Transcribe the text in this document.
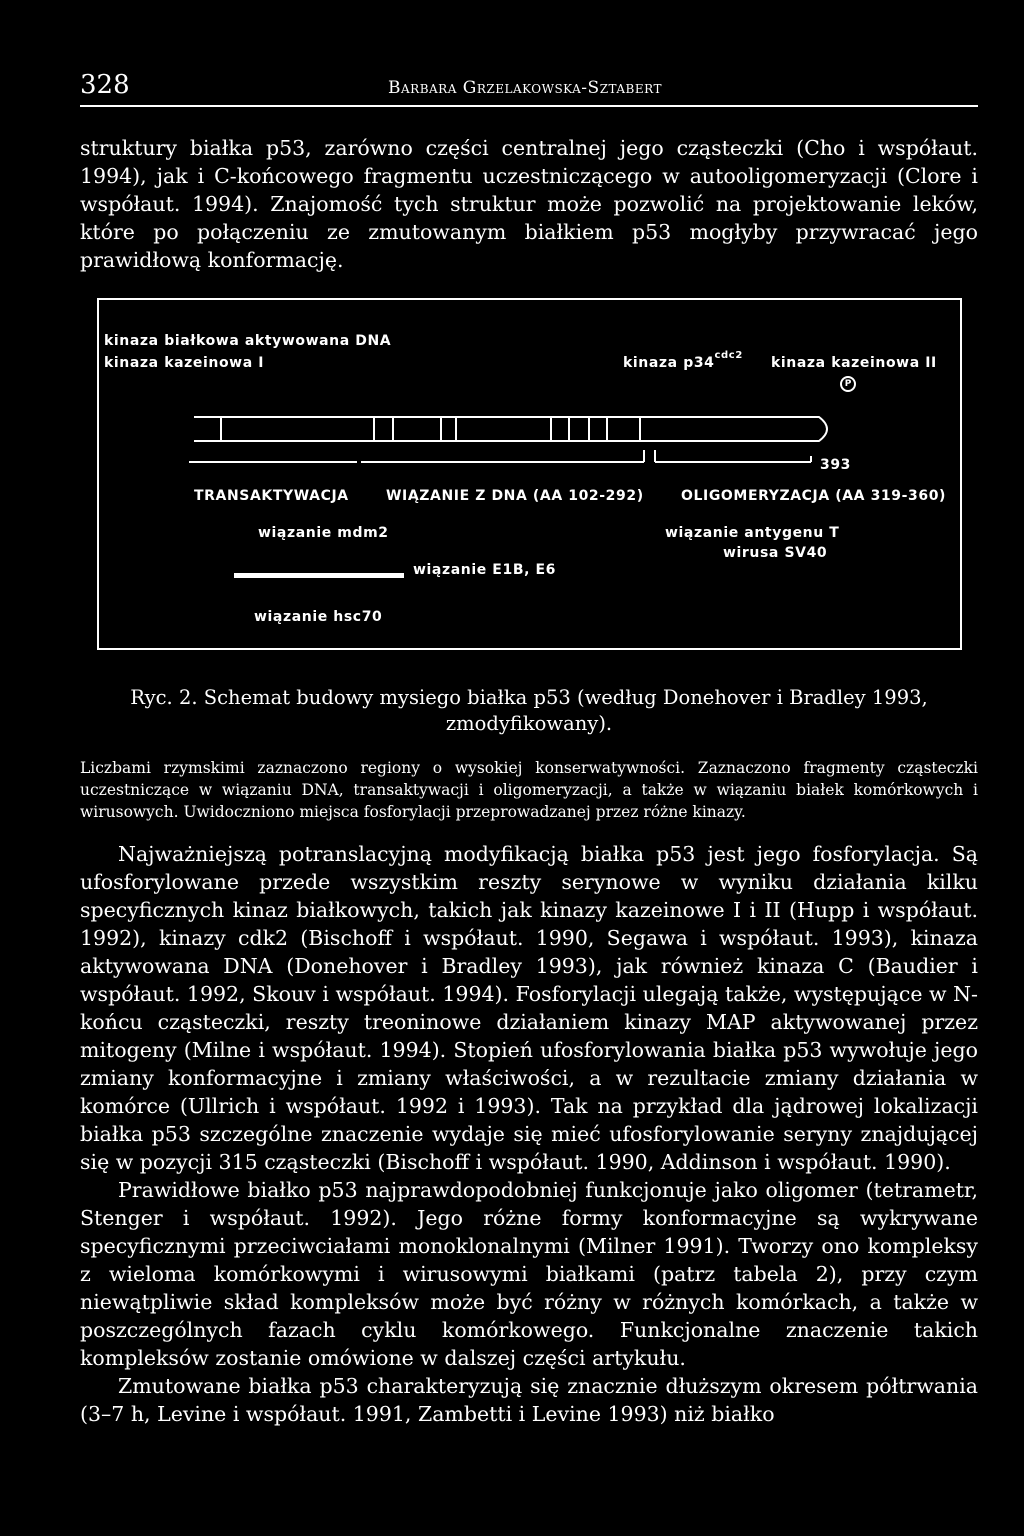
328	Barbara Grzelakowska-Sztabert

struktury białka p53, zarówno części centralnej jego cząsteczki (Cho i współaut. 1994), jak i C-końcowego fragmentu uczestniczącego w autooligomeryzacji (Clore i współaut. 1994). Znajomość tych struktur może pozwolić na projektowanie leków, które po połączeniu ze zmutowanym białkiem p53 mogłyby przywracać jego prawidłową konformację.

kinaza białkowa aktywowana DNA
kinaza kazeinowa I	kinaza $p34^{cdc2}$ kinaza kazeinowa II
P
393
TRANSAKTYWACJA	WIĄZANIE Z DNA (AA 102-292)	OLIGOMERYZACJA (AA 319-360)
wiązanie mdm2
wiązanie E1B, E6
wiązanie antygenu T
wirusa SV40
wiązanie hsc70
Ryc. 2. Schemat budowy mysiego białka p53 (według Donehover i Bradley 1993, zmodyfikowany).
Liczbami rzymskimi zaznaczono regiony o wysokiej konserwatywności. Zaznaczono fragmenty cząsteczki uczestniczące w wiązaniu DNA, transaktywacji i oligomeryzacji, a także w wiązaniu białek komórkowych i wirusowych. Uwidoczniono miejsca fosforylacji przeprowadzanej przez różne kinazy.

Najważniejszą potranslacyjną modyfikacją białka p53 jest jego fosforylacja. Są ufosforylowane przede wszystkim reszty serynowe w wyniku działania kilku specyficznych kinaz białkowych, takich jak kinazy kazeinowe I i II (Hupp i współaut. 1992), kinazy cdk2 (Bischoff i współaut. 1990, Segawa i współaut. 1993), kinaza aktywowana DNA (Donehover i Bradley 1993), jak również kinaza C (Baudier i współaut. 1992, Skouv i współaut. 1994). Fosforylacji ulegają także, występujące w N-końcu cząsteczki, reszty treoninowe działaniem kinazy MAP aktywowanej przez mitogeny (Milne i współaut. 1994). Stopień ufosforylowania białka p53 wywołuje jego zmiany konformacyjne i zmiany właściwości, a w rezultacie zmiany działania w komórce (Ullrich i współaut. 1992 i 1993). Tak na przykład dla jądrowej lokalizacji białka p53 szczególne znaczenie wydaje się mieć ufosforylowanie seryny znajdującej się w pozycji 315 cząsteczki (Bischoff i współaut. 1990, Addinson i współaut. 1990).

Prawidłowe białko p53 najprawdopodobniej funkcjonuje jako oligomer (tetrametr, Stenger i współaut. 1992). Jego różne formy konformacyjne są wykrywane specyficznymi przeciwciałami monoklonalnymi (Milner 1991). Tworzy ono kompleksy z wieloma komórkowymi i wirusowymi białkami (patrz tabela 2), przy czym niewątpliwie skład kompleksów może być różny w różnych komórkach, a także w poszczególnych fazach cyklu komórkowego. Funkcjonalne znaczenie takich kompleksów zostanie omówione w dalszej części artykułu.

Zmutowane białka p53 charakteryzują się znacznie dłuższym okresem półtrwania (3–7 h, Levine i współaut. 1991, Zambetti i Levine 1993) niż białko
